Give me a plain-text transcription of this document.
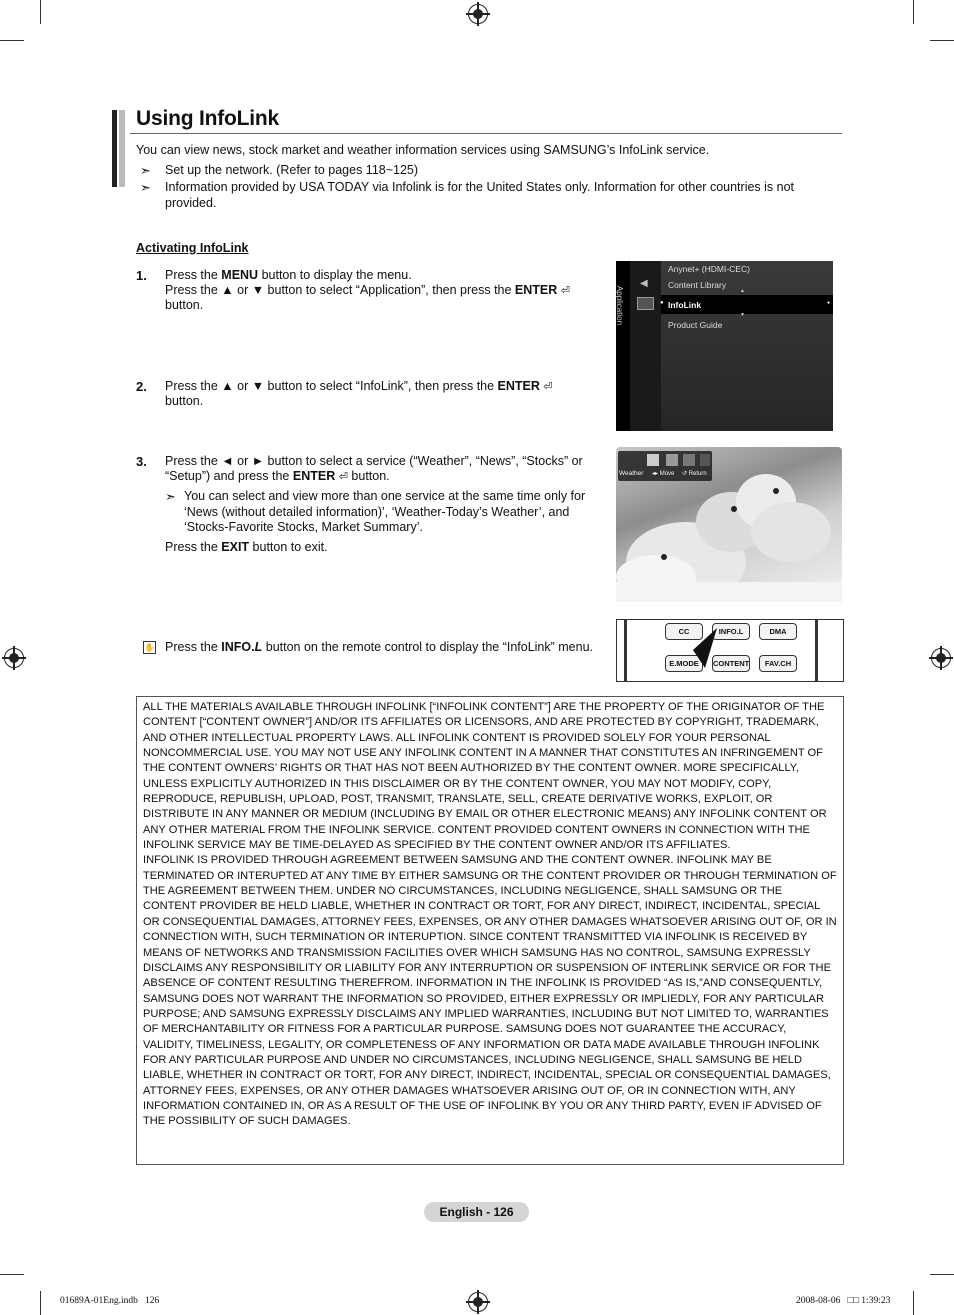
Using InfoLink
You can view news, stock market and weather information services using SAMSUNG’s InfoLink service.
➣ Set up the network. (Refer to pages 118~125)
➣ Information provided by USA TODAY via Infolink is for the United States only. Information for other countries is not
provided.
Activating InfoLink
1. Press the MENU button to display the menu.
Press the ▲ or ▼ button to select “Application”, then press the ENTER ⏎
button.
2. Press the ▲ or ▼ button to select “InfoLink”, then press the ENTER ⏎
button.
3. Press the ◄ or ► button to select a service (“Weather”, “News”, “Stocks” or
“Setup”) and press the ENTER ⏎ button.
➣ You can select and view more than one service at the same time only for
‘News (without detailed information)’, ‘Weather-Today’s Weather’, and
‘Stocks-Favorite Stocks, Market Summary’.
Press the EXIT button to exit.
✋ Press the INFO.L button on the remote control to display the “InfoLink” menu.
Application
◀
Anynet+ (HDMI-CEC)
Content Library
▲
● InfoLink	●
▼
Product Guide
Weather ◂▸ Move ↺ Return
CC	INFO.L	DMA
E.MODE	CONTENT	FAV.CH

ALL THE MATERIALS AVAILABLE THROUGH INFOLINK [“INFOLINK CONTENT”] ARE THE PROPERTY OF THE ORIGINATOR OF THE CONTENT [“CONTENT OWNER”] AND/OR ITS AFFILIATES OR LICENSORS, AND ARE PROTECTED BY COPYRIGHT, TRADEMARK, AND OTHER INTELLECTUAL PROPERTY LAWS. ALL INFOLINK CONTENT IS PROVIDED SOLELY FOR YOUR PERSONAL NONCOMMERCIAL USE. YOU MAY NOT USE ANY INFOLINK CONTENT IN A MANNER THAT CONSTITUTES AN INFRINGEMENT OF THE CONTENT OWNERS’ RIGHTS OR THAT HAS NOT BEEN AUTHORIZED BY THE CONTENT OWNER. MORE SPECIFICALLY, UNLESS EXPLICITLY AUTHORIZED IN THIS DISCLAIMER OR BY THE CONTENT OWNER, YOU MAY NOT MODIFY, COPY, REPRODUCE, REPUBLISH, UPLOAD, POST, TRANSMIT, TRANSLATE, SELL, CREATE DERIVATIVE WORKS, EXPLOIT, OR DISTRIBUTE IN ANY MANNER OR MEDIUM (INCLUDING BY EMAIL OR OTHER ELECTRONIC MEANS) ANY INFOLINK CONTENT OR ANY OTHER MATERIAL FROM THE INFOLINK SERVICE. CONTENT PROVIDED CONTENT OWNERS IN CONNECTION WITH THE INFOLINK SERVICE MAY BE TIME-DELAYED AS SPECIFIED BY THE CONTENT OWNER AND/OR ITS AFFILIATES.

INFOLINK IS PROVIDED THROUGH AGREEMENT BETWEEN SAMSUNG AND THE CONTENT OWNER. INFOLINK MAY BE TERMINATED OR INTERUPTED AT ANY TIME BY EITHER SAMSUNG OR THE CONTENT PROVIDER OR THROUGH TERMINATION OF THE AGREEMENT BETWEEN THEM. UNDER NO CIRCUMSTANCES, INCLUDING NEGLIGENCE, SHALL SAMSUNG OR THE CONTENT PROVIDER BE HELD LIABLE, WHETHER IN CONTRACT OR TORT, FOR ANY DIRECT, INDIRECT, INCIDENTAL, SPECIAL OR CONSEQUENTIAL DAMAGES, ATTORNEY FEES, EXPENSES, OR ANY OTHER DAMAGES WHATSOEVER ARISING OUT OF, OR IN CONNECTION WITH, SUCH TERMINATION OR INTERUPTION. SINCE CONTENT TRANSMITTED VIA INFOLINK IS RECEIVED BY MEANS OF NETWORKS AND TRANSMISSION FACILITIES OVER WHICH SAMSUNG HAS NO CONTROL, SAMSUNG EXPRESSLY DISCLAIMS ANY RESPONSIBILITY OR LIABILITY FOR ANY INTERRUPTION OR SUSPENSION OF INTERLINK SERVICE OR FOR THE ABSENCE OF CONTENT RESULTING THEREFROM. INFORMATION IN THE INFOLINK IS PROVIDED “AS IS,”AND CONSEQUENTLY, SAMSUNG DOES NOT WARRANT THE INFORMATION SO PROVIDED, EITHER EXPRESSLY OR IMPLIEDLY, FOR ANY PARTICULAR PURPOSE; AND SAMSUNG EXPRESSLY DISCLAIMS ANY IMPLIED WARRANTIES, INCLUDING BUT NOT LIMITED TO, WARRANTIES OF MERCHANTABILITY OR FITNESS FOR A PARTICULAR PURPOSE. SAMSUNG DOES NOT GUARANTEE THE ACCURACY, VALIDITY, TIMELINESS, LEGALITY, OR COMPLETENESS OF ANY INFORMATION OR DATA MADE AVAILABLE THROUGH INFOLINK FOR ANY PARTICULAR PURPOSE AND UNDER NO CIRCUMSTANCES, INCLUDING NEGLIGENCE, SHALL SAMSUNG BE HELD LIABLE, WHETHER IN CONTRACT OR TORT, FOR ANY DIRECT, INDIRECT, INCIDENTAL, SPECIAL OR CONSEQUENTIAL DAMAGES, ATTORNEY FEES, EXPENSES, OR ANY OTHER DAMAGES WHATSOEVER ARISING OUT OF, OR IN CONNECTION WITH, ANY INFORMATION CONTAINED IN, OR AS A RESULT OF THE USE OF INFOLINK BY YOU OR ANY THIRD PARTY, EVEN IF ADVISED OF THE POSSIBILITY OF SUCH DAMAGES.

English - 126
01689A-01Eng.indb   126	2008-08-06   □□ 1:39:23
